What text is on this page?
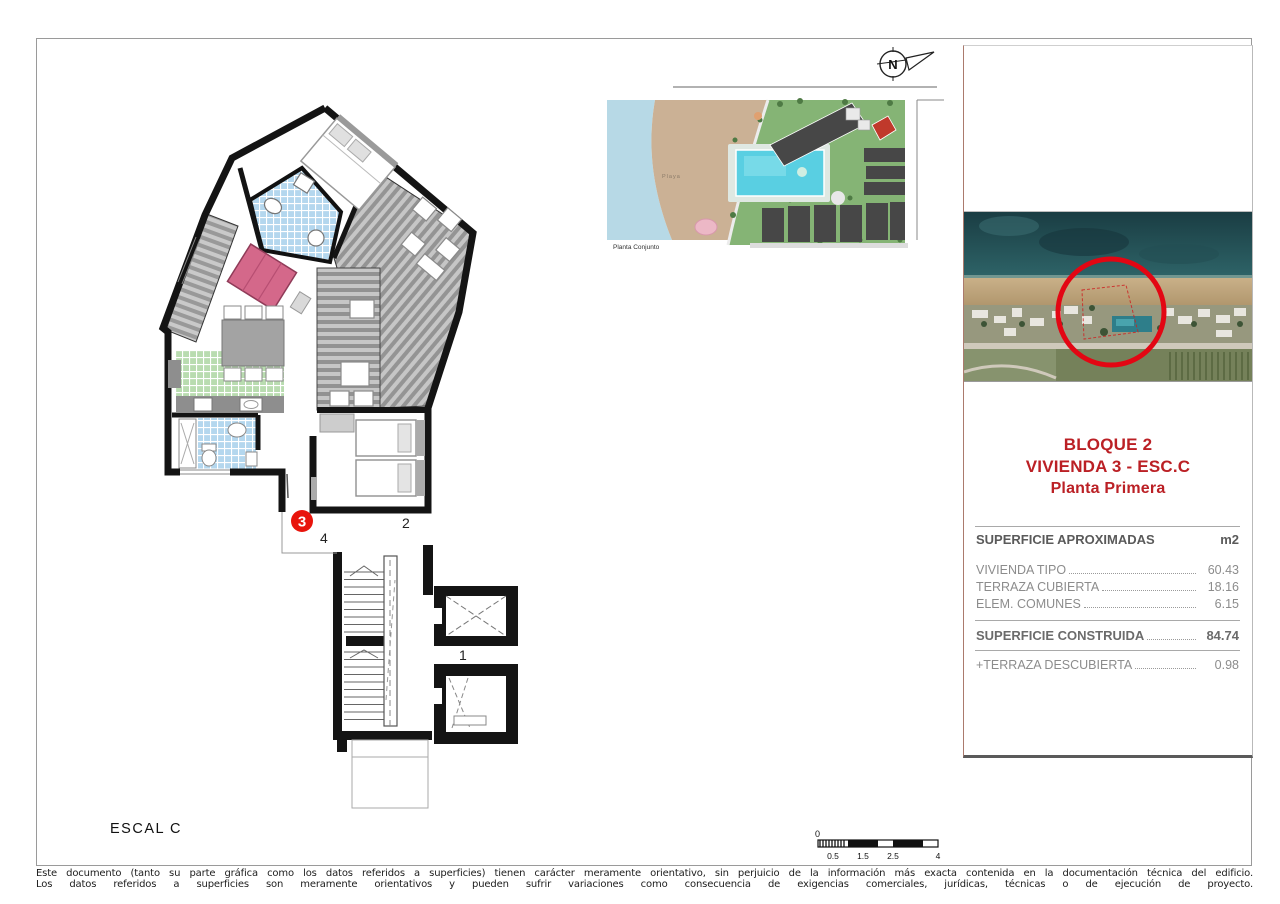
3
4
2
1
ESCAL C
N
Playa
Planta Conjunto
0
0.5 1.5 2.5	4
BLOQUE 2
VIVIENDA 3 - ESC.C
Planta Primera
SUPERFICIE APROXIMADAS	m2
VIVIENDA TIPO	60.43
TERRAZA CUBIERTA	18.16
ELEM. COMUNES	6.15
SUPERFICIE CONSTRUIDA	84.74
+TERRAZA DESCUBIERTA	0.98
Este documento (tanto su parte gráfica como los datos referidos a superficies) tienen carácter meramente orientativo, sin perjuicio de la información más exacta contenida en la documentación técnica del edificio.
Los datos referidos a superficies son meramente orientativos y pueden sufrir variaciones como consecuencia de exigencias comerciales, jurídicas, técnicas o de ejecución de proyecto.
